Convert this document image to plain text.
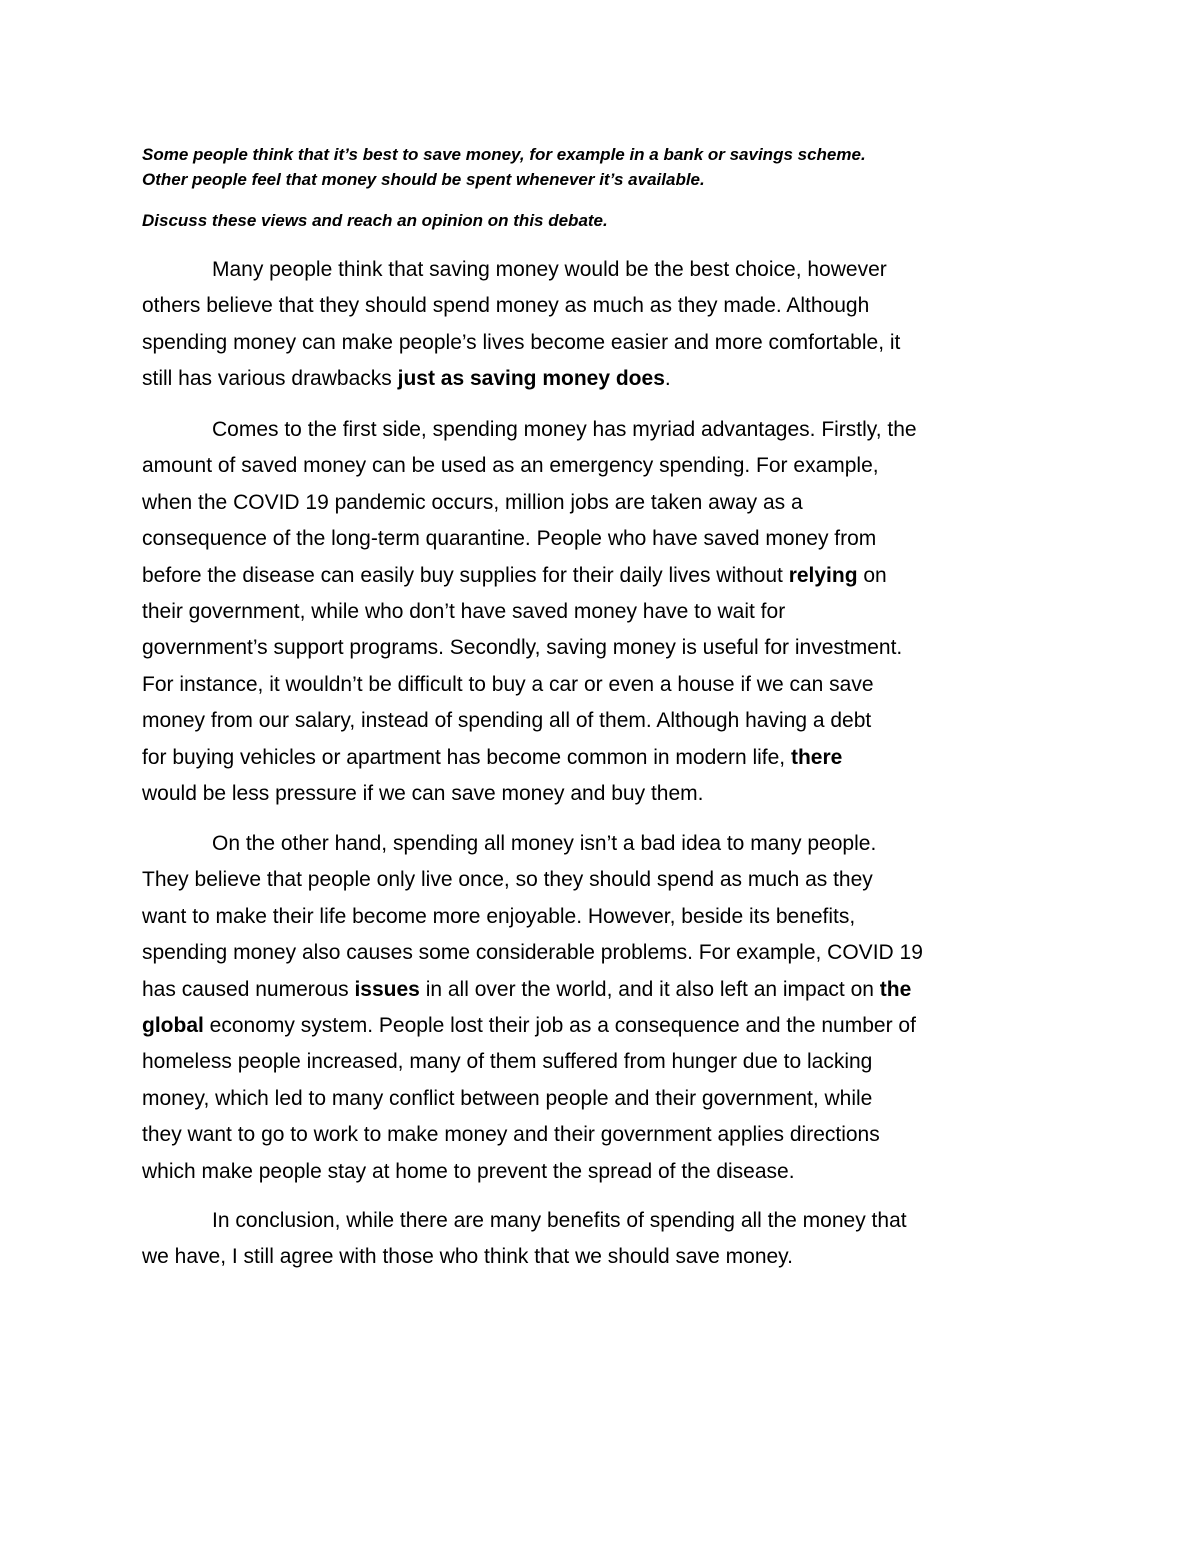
Some people think that it’s best to save money, for example in a bank or savings scheme.
Other people feel that money should be spent whenever it’s available.
Discuss these views and reach an opinion on this debate.
Many people think that saving money would be the best choice, however
others believe that they should spend money as much as they made. Although
spending money can make people’s lives become easier and more comfortable, it
still has various drawbacks just as saving money does.
Comes to the first side, spending money has myriad advantages. Firstly, the
amount of saved money can be used as an emergency spending. For example,
when the COVID 19 pandemic occurs, million jobs are taken away as a
consequence of the long-term quarantine. People who have saved money from
before the disease can easily buy supplies for their daily lives without relying on
their government, while who don’t have saved money have to wait for
government’s support programs. Secondly, saving money is useful for investment.
For instance, it wouldn’t be difficult to buy a car or even a house if we can save
money from our salary, instead of spending all of them. Although having a debt
for buying vehicles or apartment has become common in modern life, there
would be less pressure if we can save money and buy them.
On the other hand, spending all money isn’t a bad idea to many people.
They believe that people only live once, so they should spend as much as they
want to make their life become more enjoyable. However, beside its benefits,
spending money also causes some considerable problems. For example, COVID 19
has caused numerous issues in all over the world, and it also left an impact on the
global economy system. People lost their job as a consequence and the number of
homeless people increased, many of them suffered from hunger due to lacking
money, which led to many conflict between people and their government, while
they want to go to work to make money and their government applies directions
which make people stay at home to prevent the spread of the disease.
In conclusion, while there are many benefits of spending all the money that
we have, I still agree with those who think that we should save money.
